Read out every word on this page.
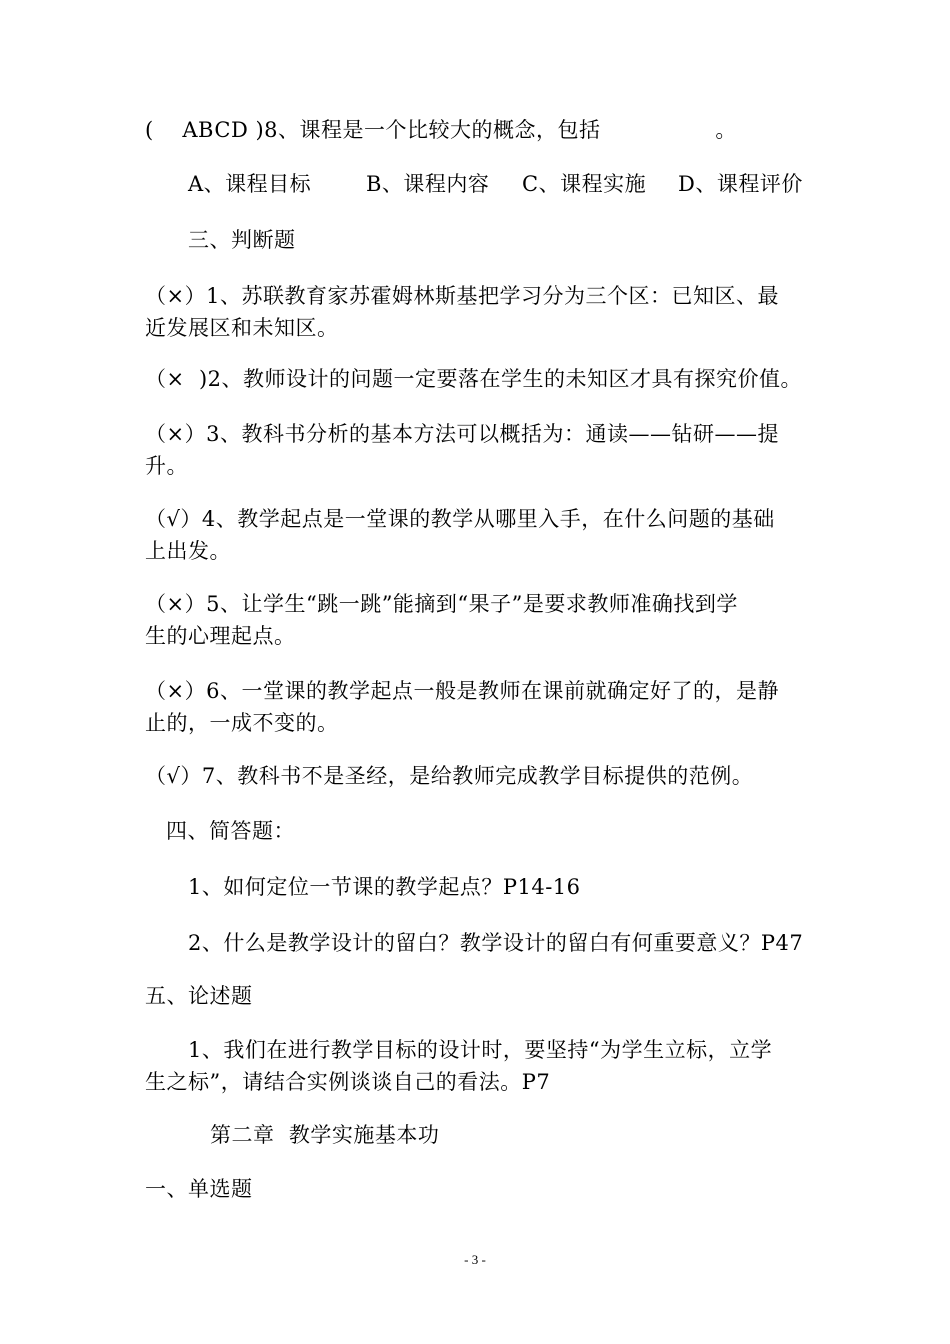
(    ABCD )8、课程是一个比较大的概念，包括                。
A、课程目标	B、课程内容 C、课程实施 D、课程评价
三、判断题
（×）1、苏联教育家苏霍姆林斯基把学习分为三个区：已知区、最
近发展区和未知区。
（×  )2、教师设计的问题一定要落在学生的未知区才具有探究价值。
（×）3、教科书分析的基本方法可以概括为：通读——钻研——提
升。
（√）4、教学起点是一堂课的教学从哪里入手，在什么问题的基础
上出发。
（×）5、让学生“跳一跳”能摘到“果子”是要求教师准确找到学
生的心理起点。
（×）6、一堂课的教学起点一般是教师在课前就确定好了的，是静
止的，一成不变的。
（√）7、教科书不是圣经，是给教师完成教学目标提供的范例。
四、简答题：
1、如何定位一节课的教学起点？P14-16
2、什么是教学设计的留白？教学设计的留白有何重要意义？P47
五、论述题
1、我们在进行教学目标的设计时，要坚持“为学生立标，立学
生之标”，请结合实例谈谈自己的看法。P7
第二章  教学实施基本功
一、单选题
- 3 -
